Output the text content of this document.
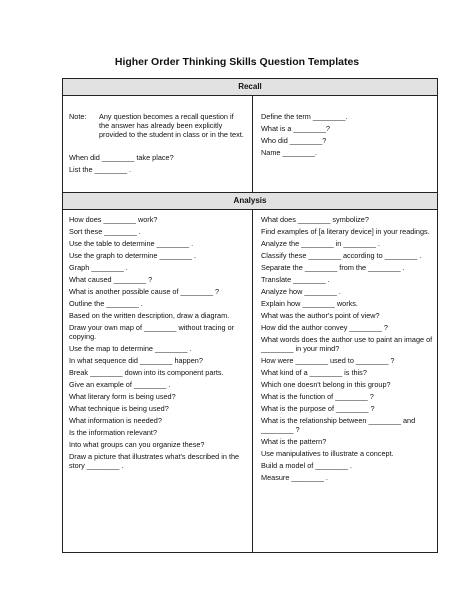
Higher Order Thinking Skills Question Templates
Recall
Note:	Any question becomes a recall question if the answer has already been explicitly provided to the student in class or in the text.
When did ________ take place?
List the ________ .
Define the term ________.
What is a ________?
Who did ________?
Name ________.
Analysis
How does ________ work?
Sort these ________ .
Use the table to determine ________ .
Use the graph to determine ________ .
Graph ________ .
What caused ________ ?
What is another possible cause of ________ ?
Outline the ________ .
Based on the written description, draw a diagram.
Draw your own map of ________ without tracing or copying.
Use the map to determine ________ .
In what sequence did ________ happen?
Break ________ down into its component parts.
Give an example of ________ .
What literary form is being used?
What technique is being used?
What information is needed?
Is the information relevant?
Into what groups can you organize these?
Draw a picture that illustrates what's described in the story ________ .
What does ________ symbolize?
Find examples of [a literary device] in your readings.
Analyze the ________ in ________ .
Classify these ________ according to ________ .
Separate the ________ from the ________ .
Translate ________ .
Analyze how ________ .
Explain how ________ works.
What was the author's point of view?
How did the author convey ________ ?
What words does the author use to paint an image of ________ in your mind?
How were ________ used to ________ ?
What kind of a ________ is this?
Which one doesn't belong in this group?
What is the function of ________ ?
What is the purpose of ________ ?
What is the relationship between ________ and ________ ?
What is the pattern?
Use manipulatives to illustrate a concept.
Build a model of ________ .
Measure ________ .
